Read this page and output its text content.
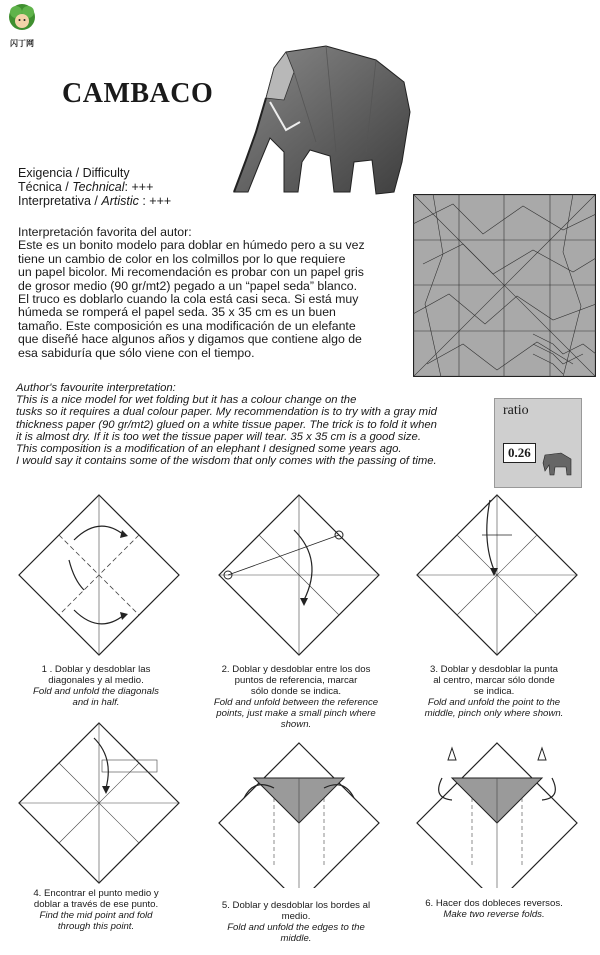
闪丁网
CAMBACO
Exigencia / Difficulty
Técnica / Technical: +++
Interpretativa / Artistic : +++
Interpretación favorita del autor:
Este es un bonito modelo para doblar en húmedo pero a su vez
tiene un cambio de color en los colmillos por lo que requiere
un papel bicolor. Mi recomendación es probar con un papel gris
de grosor medio (90 gr/mt2) pegado a un “papel seda” blanco.
El truco es doblarlo cuando la cola está casi seca. Si está muy
húmeda se romperá el papel seda. 35 x 35 cm es un buen
tamaño. Este composición es una modificación de un elefante
que diseñé hace algunos años y digamos que contiene algo de
esa sabiduría que sólo viene con el tiempo.
Author's favourite interpretation:
This is a nice model for wet folding but it has a colour change on the
tusks so it requires a dual colour paper. My recommendation is to try with a gray mid
thickness paper (90 gr/mt2) glued on a white tissue paper. The trick is to fold it when
it is almost dry. If it is too wet the tissue paper will tear. 35 x 35 cm is a good size.
This composition is a modification of an elephant I designed some years ago.
I would say it contains some of the wisdom that only comes with the passing of time.
ratio
0.26
1 . Doblar y desdoblar las
diagonales y al medio.
Fold and unfold the diagonals
and in half.
2. Doblar y desdoblar entre los dos
puntos de referencia, marcar
sólo donde se indica.
Fold and unfold between the reference
points, just make a small pinch where
shown.
3. Doblar y desdoblar la punta
al centro, marcar sólo donde
se indica.
Fold and unfold the point to the
middle, pinch only where shown.
4. Encontrar el punto medio y
doblar a través de ese punto.
Find the mid point and fold
through this point.
5. Doblar y desdoblar los bordes al
medio.
Fold and unfold the edges to the
middle.
6. Hacer dos dobleces reversos.
Make two reverse folds.
